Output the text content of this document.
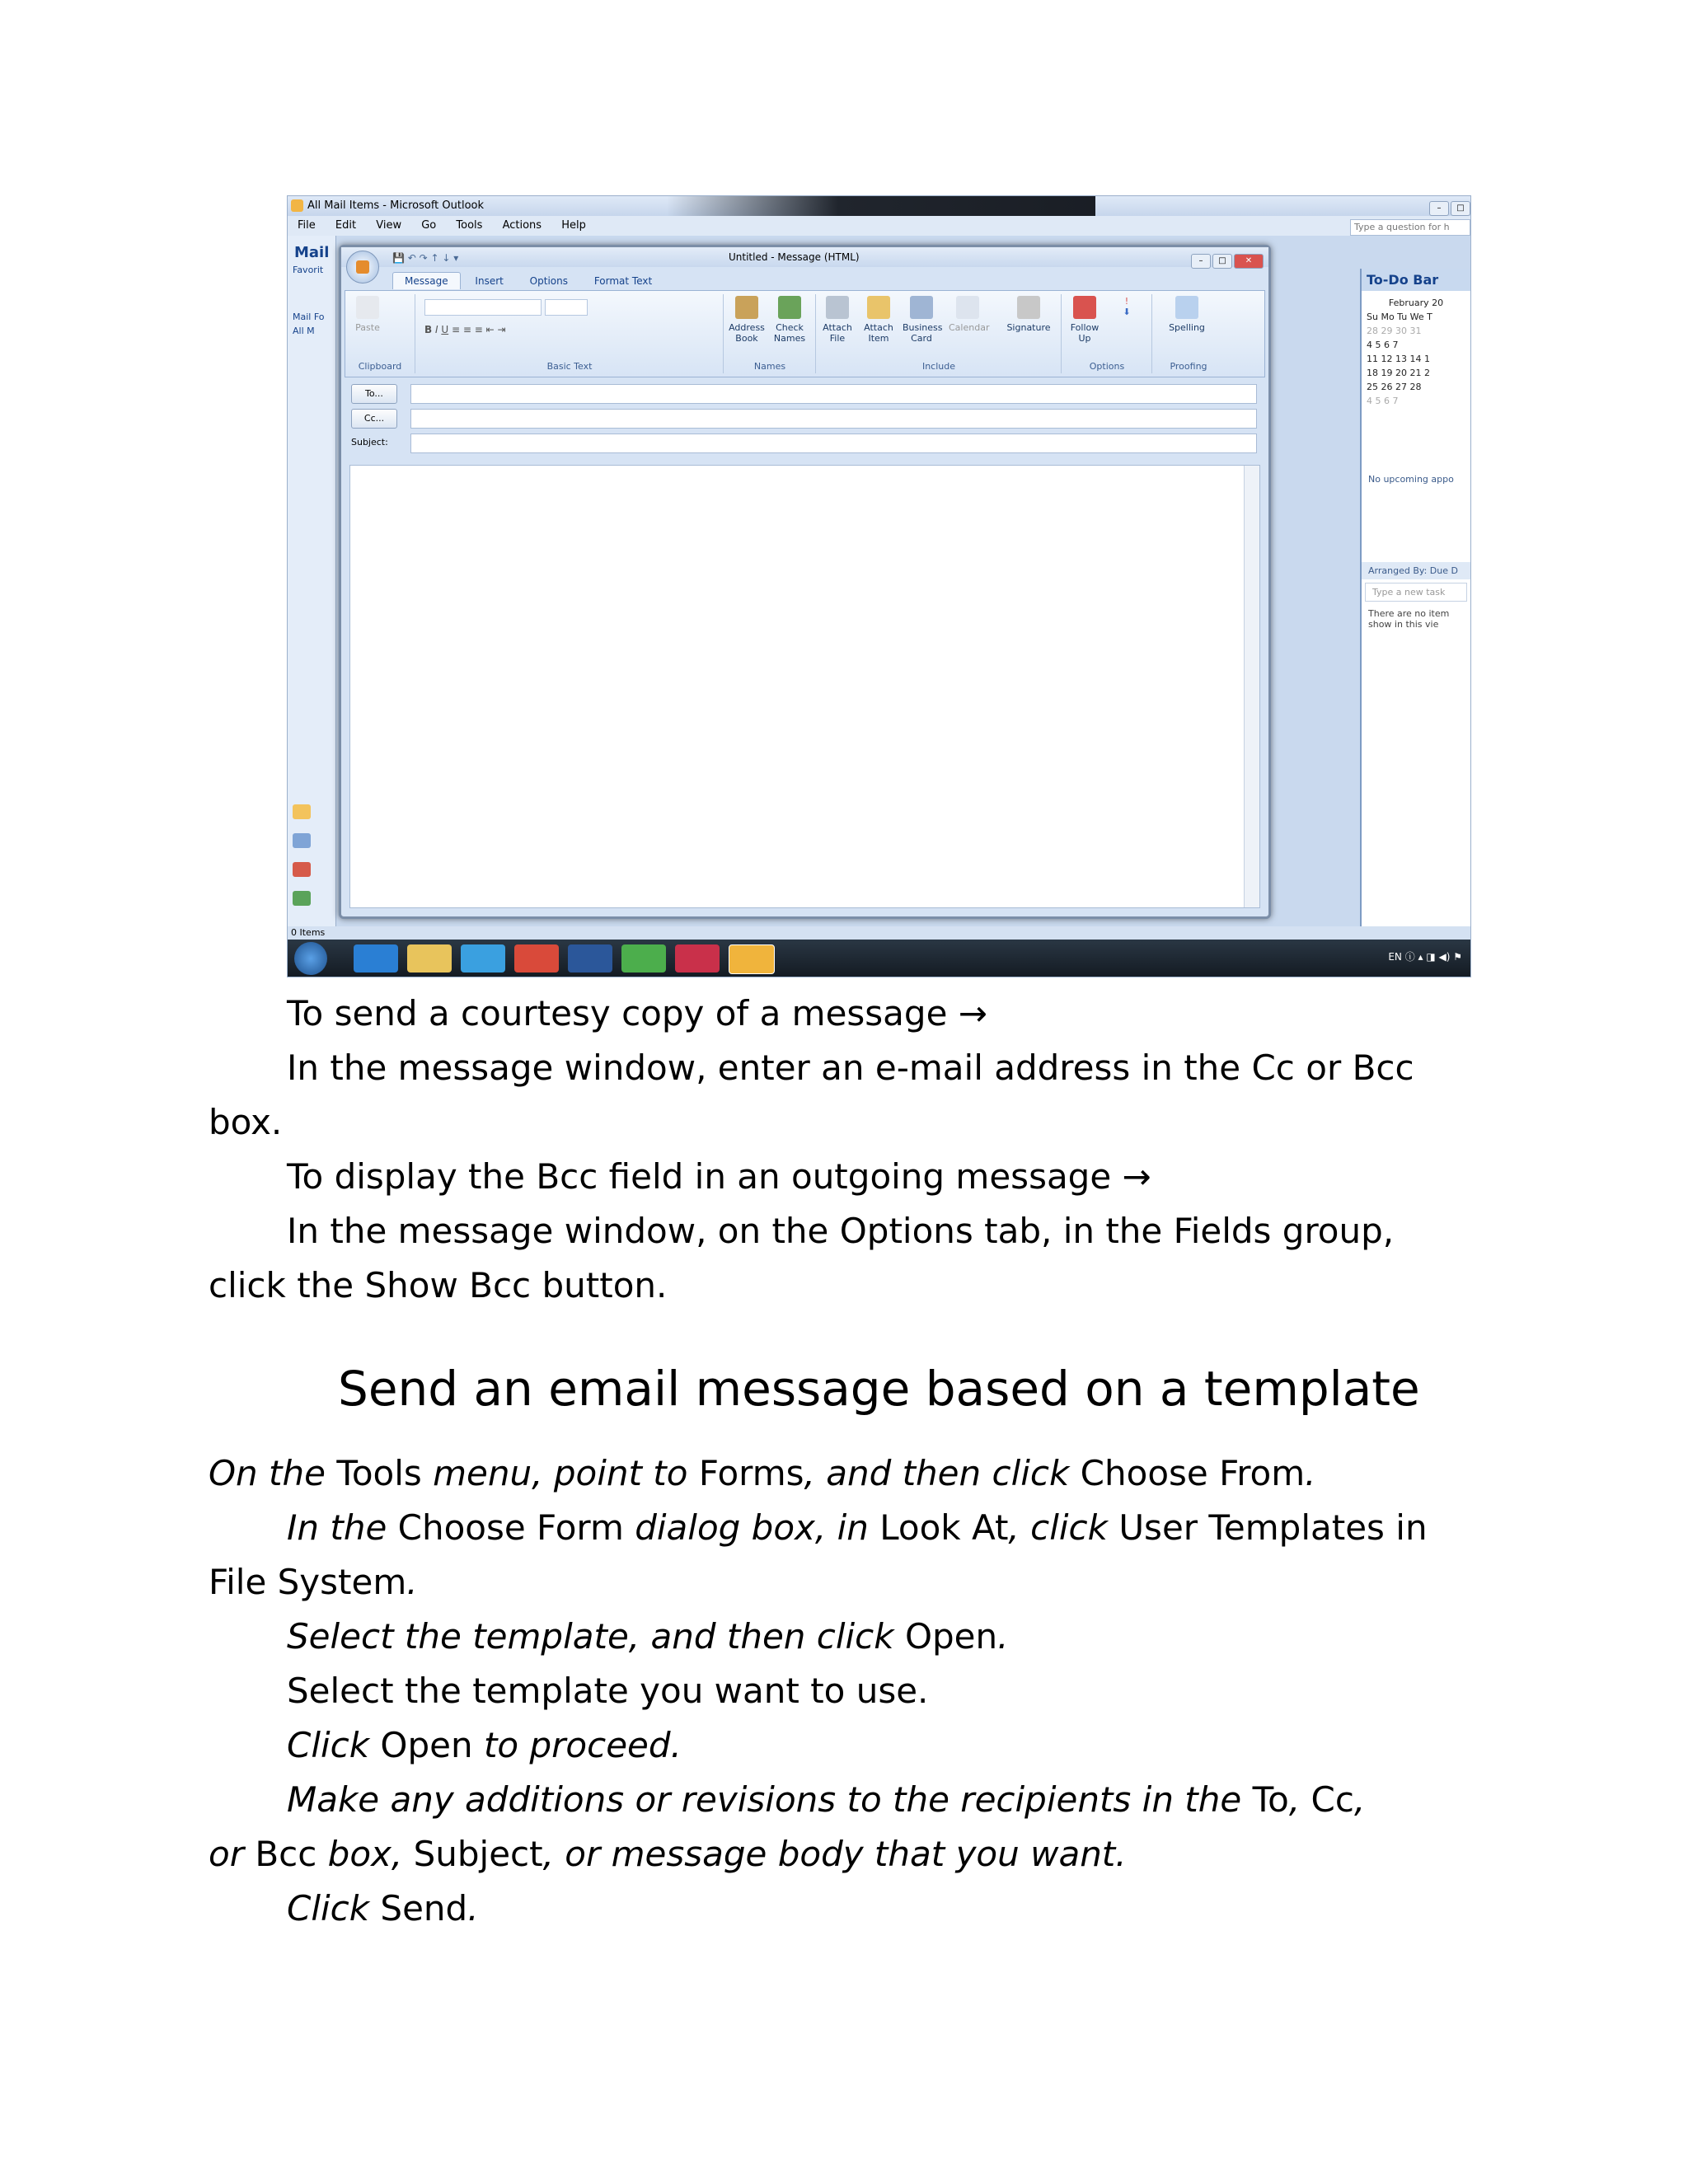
All Mail Items - Microsoft Outlook	– □
File Edit View Go Tools Actions Help	Type a question for h
Mail
Favorit
Mail Fo
All M
To-Do Bar
February 20
Su Mo Tu We T
28 29 30 31
4 5 6 7
11 12 13 14 1
18 19 20 21 2
25 26 27 28
4 5 6 7
No upcoming appo
Arranged By: Due D
Type a new task
There are no item show in this vie
0 Items
EN ⓘ ▴ ◨ ◀) ⚑
Untitled - Message (HTML)	– □ ✕
💾 ↶ ↷ ↑ ↓ ▾
Message	Insert	Options	Format Text
Paste
Clipboard
B I U ≡ ≡ ≡ ⇤ ⇥
Basic Text
Address Book
Check Names
Names
Attach File
Attach Item
Business Card
Calendar	Signature
Include
Follow Up
!
⬇
Options
Spelling
Proofing
To...
Cc...
Subject:
To send a courtesy copy of a message →
In the message window, enter an e-mail address in the Cc or Bcc
box.
To display the Bcc field in an outgoing message →
In the message window, on the Options tab, in the Fields group,
click the Show Bcc button.
Send an email message based on a template
On the Tools menu, point to Forms, and then click Choose From.
In the Choose Form dialog box, in Look At, click User Templates in
File System.
Select the template, and then click Open.
Select the template you want to use.
Click Open to proceed.
Make any additions or revisions to the recipients in the To, Cc,
or Bcc box, Subject, or message body that you want.
Click Send.
